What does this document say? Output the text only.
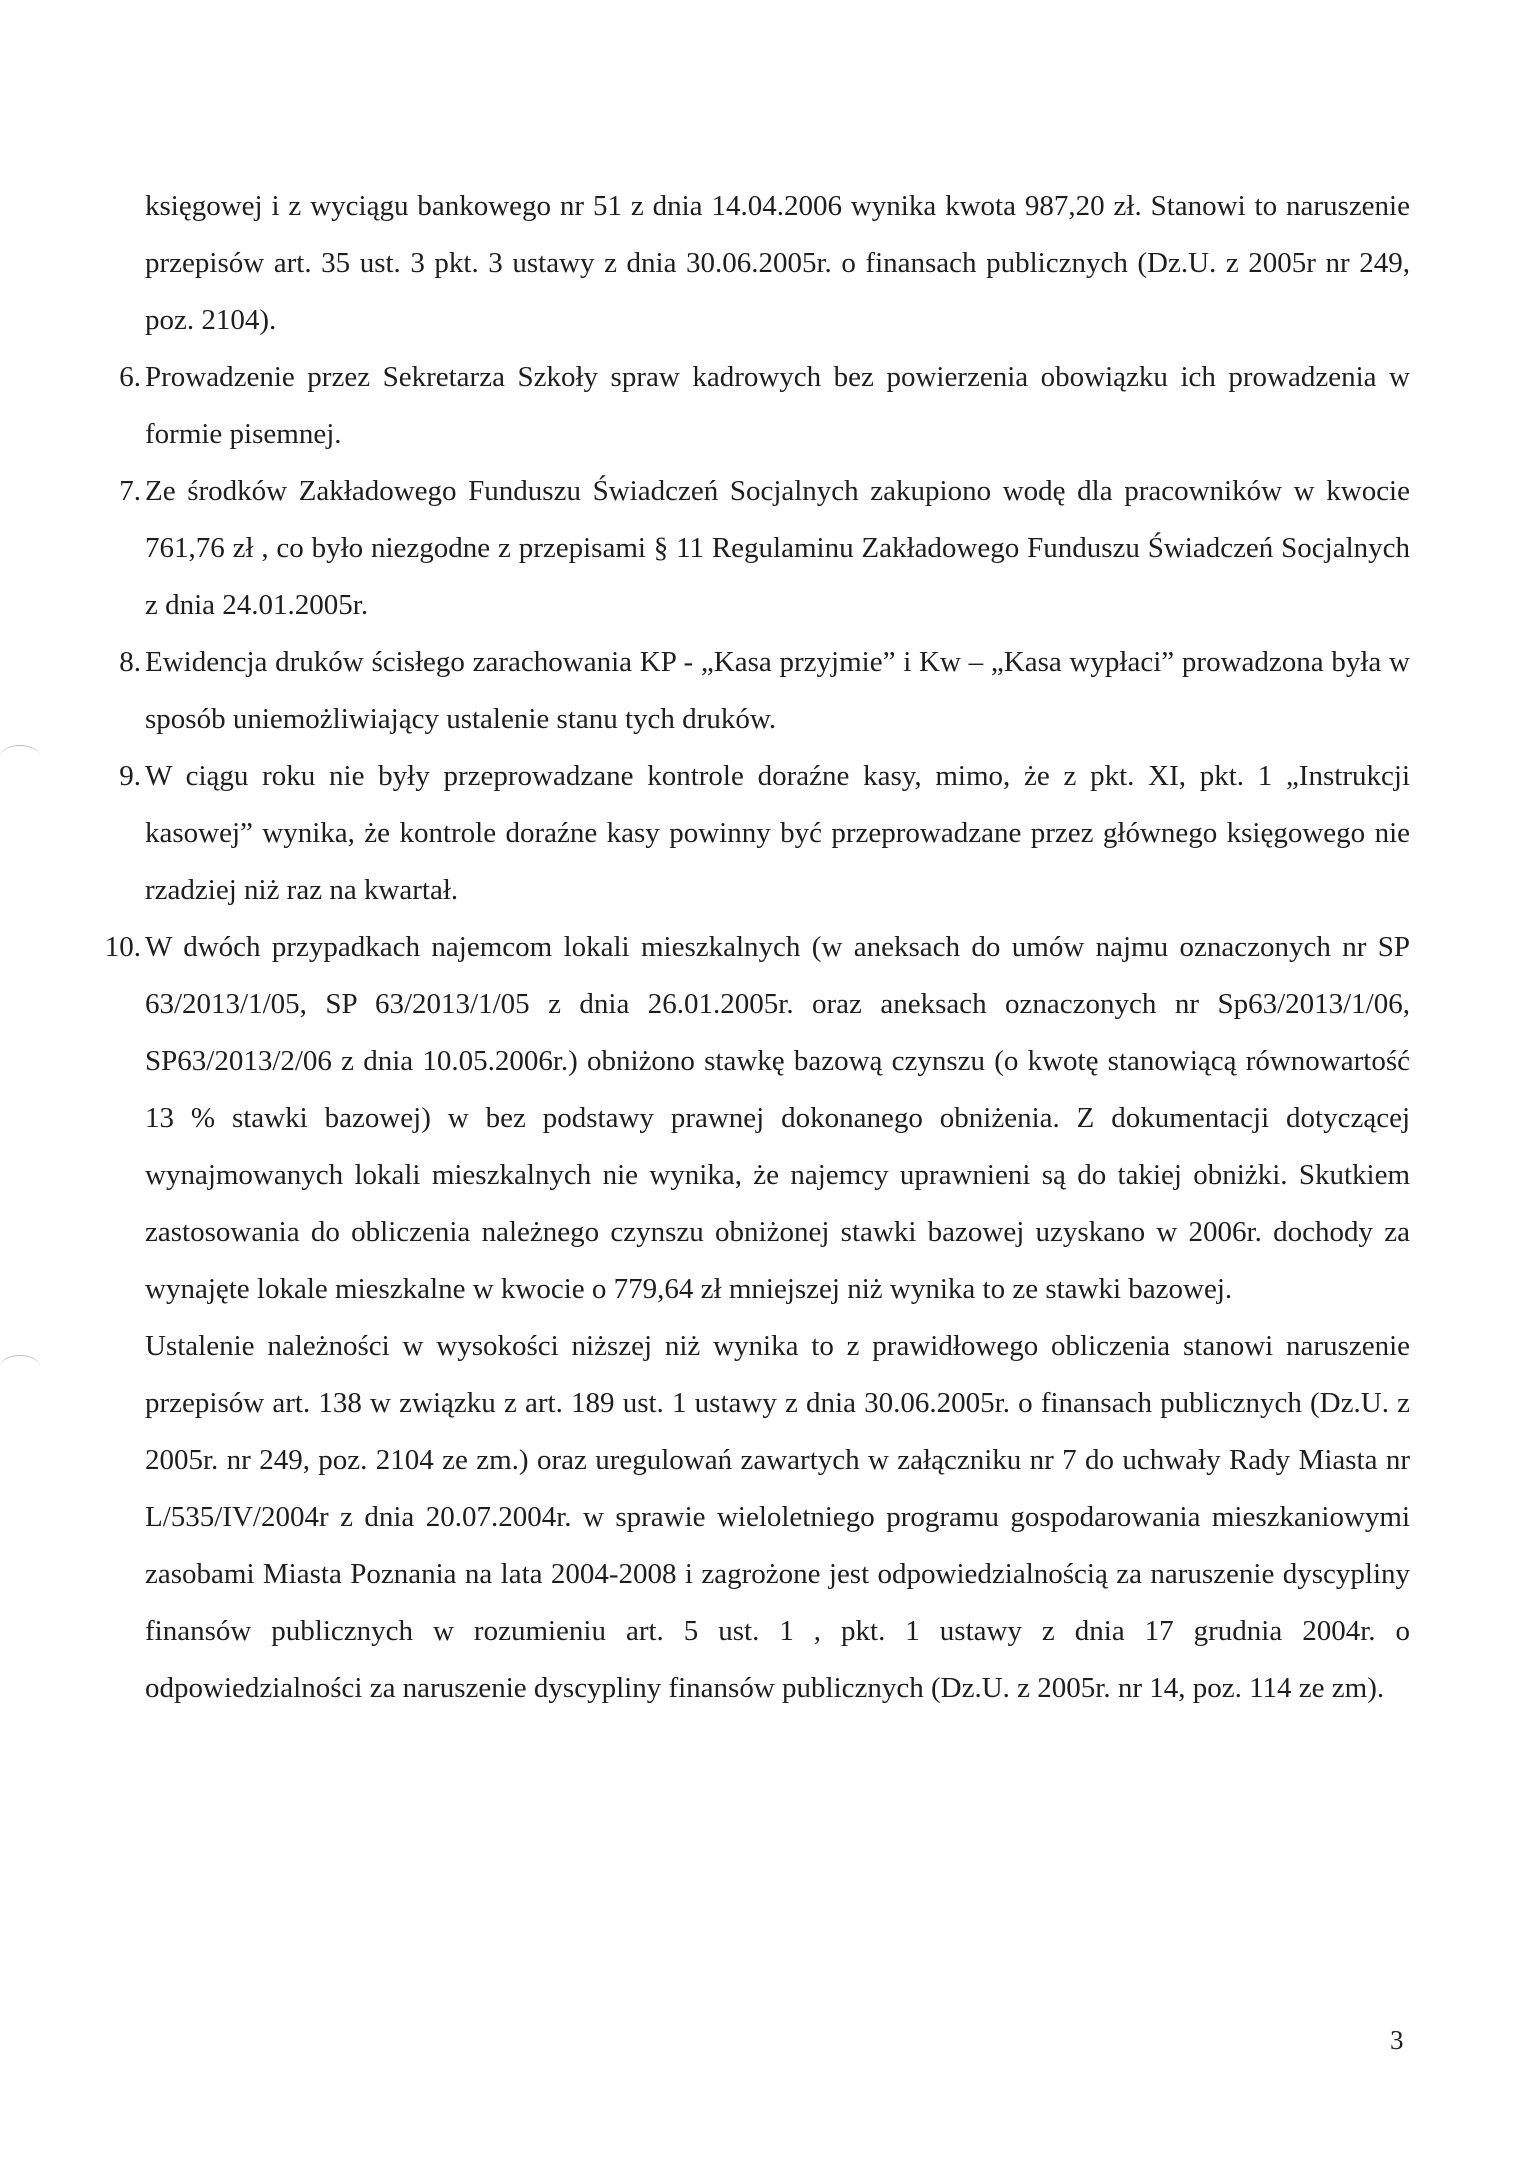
księgowej i z wyciągu bankowego nr 51 z dnia 14.04.2006 wynika kwota 987,20 zł. Stanowi to naruszenie przepisów art. 35 ust. 3 pkt. 3 ustawy z dnia 30.06.2005r. o finansach publicznych (Dz.U. z 2005r nr 249, poz. 2104).

6. Prowadzenie przez Sekretarza Szkoły spraw kadrowych bez powierzenia obowiązku ich prowadzenia w formie pisemnej.

7. Ze środków Zakładowego Funduszu Świadczeń Socjalnych zakupiono wodę dla pracowników w kwocie 761,76 zł , co było niezgodne z przepisami § 11 Regulaminu Zakładowego Funduszu Świadczeń Socjalnych z dnia 24.01.2005r.

8. Ewidencja druków ścisłego zarachowania KP - „Kasa przyjmie” i Kw – „Kasa wypłaci” prowadzona była w sposób uniemożliwiający ustalenie stanu tych druków.

9. W ciągu roku nie były przeprowadzane kontrole doraźne kasy, mimo, że z pkt. XI, pkt. 1 „Instrukcji kasowej” wynika, że kontrole doraźne kasy powinny być przeprowadzane przez głównego księgowego nie rzadziej niż raz na kwartał.

10. W dwóch przypadkach najemcom lokali mieszkalnych (w aneksach do umów najmu oznaczonych nr SP 63/2013/1/05, SP 63/2013/1/05 z dnia 26.01.2005r. oraz aneksach oznaczonych nr Sp63/2013/1/06, SP63/2013/2/06 z dnia 10.05.2006r.) obniżono stawkę bazową czynszu (o kwotę stanowiącą równowartość 13 % stawki bazowej) w bez podstawy prawnej dokonanego obniżenia. Z dokumentacji dotyczącej wynajmowanych lokali mieszkalnych nie wynika, że najemcy uprawnieni są do takiej obniżki. Skutkiem zastosowania do obliczenia należnego czynszu obniżonej stawki bazowej uzyskano w 2006r. dochody za wynajęte lokale mieszkalne w kwocie o 779,64 zł mniejszej niż wynika to ze stawki bazowej.

Ustalenie należności w wysokości niższej niż wynika to z prawidłowego obliczenia stanowi naruszenie przepisów art. 138 w związku z art. 189 ust. 1 ustawy z dnia 30.06.2005r. o finansach publicznych (Dz.U. z 2005r. nr 249, poz. 2104 ze zm.) oraz uregulowań zawartych w załączniku nr 7 do uchwały Rady Miasta nr L/535/IV/2004r z dnia 20.07.2004r. w sprawie wieloletniego programu gospodarowania mieszkaniowymi zasobami Miasta Poznania na lata 2004-2008 i zagrożone jest odpowiedzialnością za naruszenie dyscypliny finansów publicznych w rozumieniu art. 5 ust. 1 , pkt. 1 ustawy z dnia 17 grudnia 2004r. o odpowiedzialności za naruszenie dyscypliny finansów publicznych (Dz.U. z 2005r. nr 14, poz. 114 ze zm).

3
